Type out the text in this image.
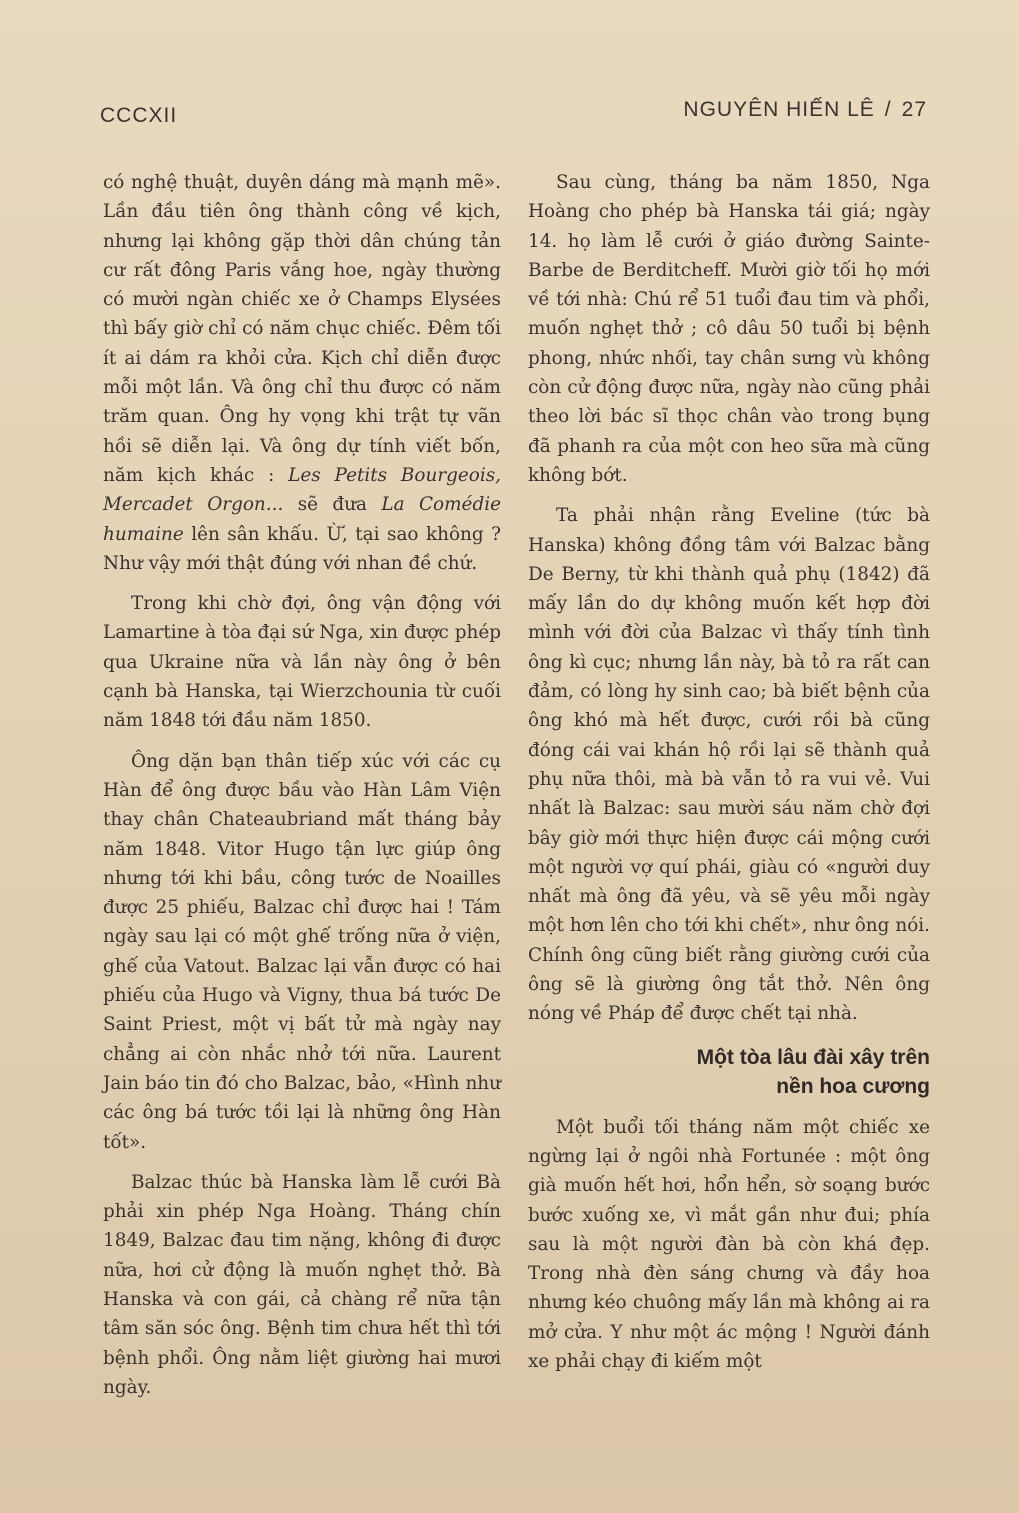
CCCXII	NGUYÊN HIẾN LÊ / 27

có nghệ thuật, duyên dáng mà mạnh mẽ». Lần đầu tiên ông thành công về kịch, nhưng lại không gặp thời dân chúng tản cư rất đông Paris vắng hoe, ngày thường có mười ngàn chiếc xe ở Champs Elysées thì bấy giờ chỉ có năm chục chiếc. Đêm tối ít ai dám ra khỏi cửa. Kịch chỉ diễn được mỗi một lần. Và ông chỉ thu được có năm trăm quan. Ông hy vọng khi trật tự vãn hồi sẽ diễn lại. Và ông dự tính viết bốn, năm kịch khác : Les Petits Bourgeois, Mercadet Orgon... sẽ đưa La Comédie humaine lên sân khấu. Ừ, tại sao không ? Như vậy mới thật đúng với nhan đề chứ.

Trong khi chờ đợi, ông vận động với Lamartine à tòa đại sứ Nga, xin được phép qua Ukraine nữa và lần này ông ở bên cạnh bà Hanska, tại Wierzchounia từ cuối năm 1848 tới đầu năm 1850.

Ông dặn bạn thân tiếp xúc với các cụ Hàn để ông được bầu vào Hàn Lâm Viện thay chân Chateaubriand mất tháng bảy năm 1848. Vitor Hugo tận lực giúp ông nhưng tới khi bầu, công tước de Noailles được 25 phiếu, Balzac chỉ được hai ! Tám ngày sau lại có một ghế trống nữa ở viện, ghế của Vatout. Balzac lại vẫn được có hai phiếu của Hugo và Vigny, thua bá tước De Saint Priest, một vị bất tử mà ngày nay chẳng ai còn nhắc nhở tới nữa. Laurent Jain báo tin đó cho Balzac, bảo, «Hình như các ông bá tước tồi lại là những ông Hàn tốt».

Balzac thúc bà Hanska làm lễ cưới Bà phải xin phép Nga Hoàng. Tháng chín 1849, Balzac đau tim nặng, không đi được nữa, hơi cử động là muốn nghẹt thở. Bà Hanska và con gái, cả chàng rể nữa tận tâm săn sóc ông. Bệnh tim chưa hết thì tới bệnh phổi. Ông nằm liệt giường hai mươi ngày.

Sau cùng, tháng ba năm 1850, Nga Hoàng cho phép bà Hanska tái giá; ngày 14. họ làm lễ cưới ở giáo đường Sainte-Barbe de Berditcheff. Mười giờ tối họ mới về tới nhà: Chú rể 51 tuổi đau tim và phổi, muốn nghẹt thở ; cô dâu 50 tuổi bị bệnh phong, nhức nhối, tay chân sưng vù không còn cử động được nữa, ngày nào cũng phải theo lời bác sĩ thọc chân vào trong bụng đã phanh ra của một con heo sữa mà cũng không bớt.

Ta phải nhận rằng Eveline (tức bà Hanska) không đồng tâm với Balzac bằng De Berny, từ khi thành quả phụ (1842) đã mấy lần do dự không muốn kết hợp đời mình với đời của Balzac vì thấy tính tình ông kì cục; nhưng lần này, bà tỏ ra rất can đảm, có lòng hy sinh cao; bà biết bệnh của ông khó mà hết được, cưới rồi bà cũng đóng cái vai khán hộ rồi lại sẽ thành quả phụ nữa thôi, mà bà vẫn tỏ ra vui vẻ. Vui nhất là Balzac: sau mười sáu năm chờ đợi bây giờ mới thực hiện được cái mộng cưới một người vợ quí phái, giàu có «người duy nhất mà ông đã yêu, và sẽ yêu mỗi ngày một hơn lên cho tới khi chết», như ông nói. Chính ông cũng biết rằng giường cưới của ông sẽ là giường ông tắt thở. Nên ông nóng về Pháp để được chết tại nhà.

Một tòa lâu đài xây trên
nền hoa cương

Một buổi tối tháng năm một chiếc xe ngừng lại ở ngôi nhà Fortunée : một ông già muốn hết hơi, hổn hển, sờ soạng bước bước xuống xe, vì mắt gần như đui; phía sau là một người đàn bà còn khá đẹp. Trong nhà đèn sáng chưng và đầy hoa nhưng kéo chuông mấy lần mà không ai ra mở cửa. Y như một ác mộng ! Người đánh xe phải chạy đi kiếm một
